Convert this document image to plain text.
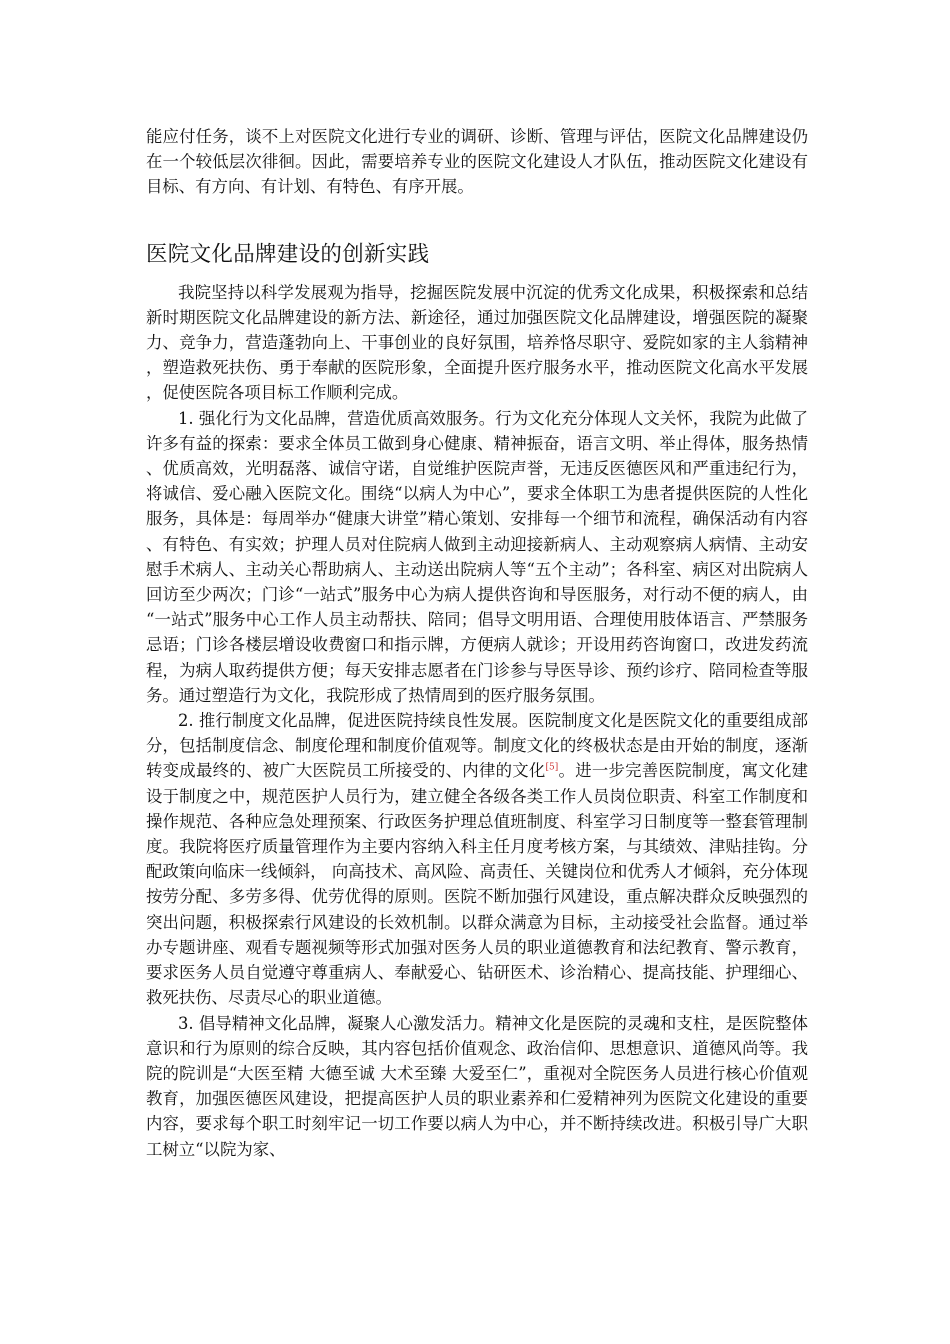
能应付任务，谈不上对医院文化进行专业的调研、诊断、管理与评估，医院文化品牌建设仍在一个较低层次徘徊。因此，需要培养专业的医院文化建设人才队伍，推动医院文化建设有目标、有方向、有计划、有特色、有序开展。

医院文化品牌建设的创新实践

我院坚持以科学发展观为指导，挖掘医院发展中沉淀的优秀文化成果，积极探索和总结新时期医院文化品牌建设的新方法、新途径，通过加强医院文化品牌建设，增强医院的凝聚力、竞争力，营造蓬勃向上、干事创业的良好氛围，培养恪尽职守、爱院如家的主人翁精神，塑造救死扶伤、勇于奉献的医院形象，全面提升医疗服务水平，推动医院文化高水平发展，促使医院各项目标工作顺利完成。

1. 强化行为文化品牌，营造优质高效服务。行为文化充分体现人文关怀，我院为此做了许多有益的探索：要求全体员工做到身心健康、精神振奋，语言文明、举止得体，服务热情、优质高效，光明磊落、诚信守诺，自觉维护医院声誉，无违反医德医风和严重违纪行为，将诚信、爱心融入医院文化。围绕“以病人为中心”，要求全体职工为患者提供医院的人性化服务，具体是：每周举办“健康大讲堂”精心策划、安排每一个细节和流程，确保活动有内容、有特色、有实效；护理人员对住院病人做到主动迎接新病人、主动观察病人病情、主动安慰手术病人、主动关心帮助病人、主动送出院病人等“五个主动”；各科室、病区对出院病人回访至少两次；门诊“一站式”服务中心为病人提供咨询和导医服务，对行动不便的病人，由“一站式”服务中心工作人员主动帮扶、陪同；倡导文明用语、合理使用肢体语言、严禁服务忌语；门诊各楼层增设收费窗口和指示牌，方便病人就诊；开设用药咨询窗口，改进发药流程，为病人取药提供方便；每天安排志愿者在门诊参与导医导诊、预约诊疗、陪同检查等服务。通过塑造行为文化，我院形成了热情周到的医疗服务氛围。

2. 推行制度文化品牌，促进医院持续良性发展。医院制度文化是医院文化的重要组成部分，包括制度信念、制度伦理和制度价值观等。制度文化的终极状态是由开始的制度，逐渐转变成最终的、被广大医院员工所接受的、内律的文化[5]。进一步完善医院制度，寓文化建设于制度之中，规范医护人员行为，建立健全各级各类工作人员岗位职责、科室工作制度和操作规范、各种应急处理预案、行政医务护理总值班制度、科室学习日制度等一整套管理制度。我院将医疗质量管理作为主要内容纳入科主任月度考核方案，与其绩效、津贴挂钩。分配政策向临床一线倾斜， 向高技术、高风险、高责任、关键岗位和优秀人才倾斜，充分体现按劳分配、多劳多得、优劳优得的原则。医院不断加强行风建设，重点解决群众反映强烈的突出问题，积极探索行风建设的长效机制。以群众满意为目标，主动接受社会监督。通过举办专题讲座、观看专题视频等形式加强对医务人员的职业道德教育和法纪教育、警示教育，要求医务人员自觉遵守尊重病人、奉献爱心、钻研医术、诊治精心、提高技能、护理细心、救死扶伤、尽责尽心的职业道德。

3. 倡导精神文化品牌，凝聚人心激发活力。精神文化是医院的灵魂和支柱，是医院整体意识和行为原则的综合反映，其内容包括价值观念、政治信仰、思想意识、道德风尚等。我院的院训是“大医至精 大德至诚 大术至臻 大爱至仁”，重视对全院医务人员进行核心价值观教育，加强医德医风建设，把提高医护人员的职业素养和仁爱精神列为医院文化建设的重要内容，要求每个职工时刻牢记一切工作要以病人为中心，并不断持续改进。积极引导广大职工树立“以院为家、
